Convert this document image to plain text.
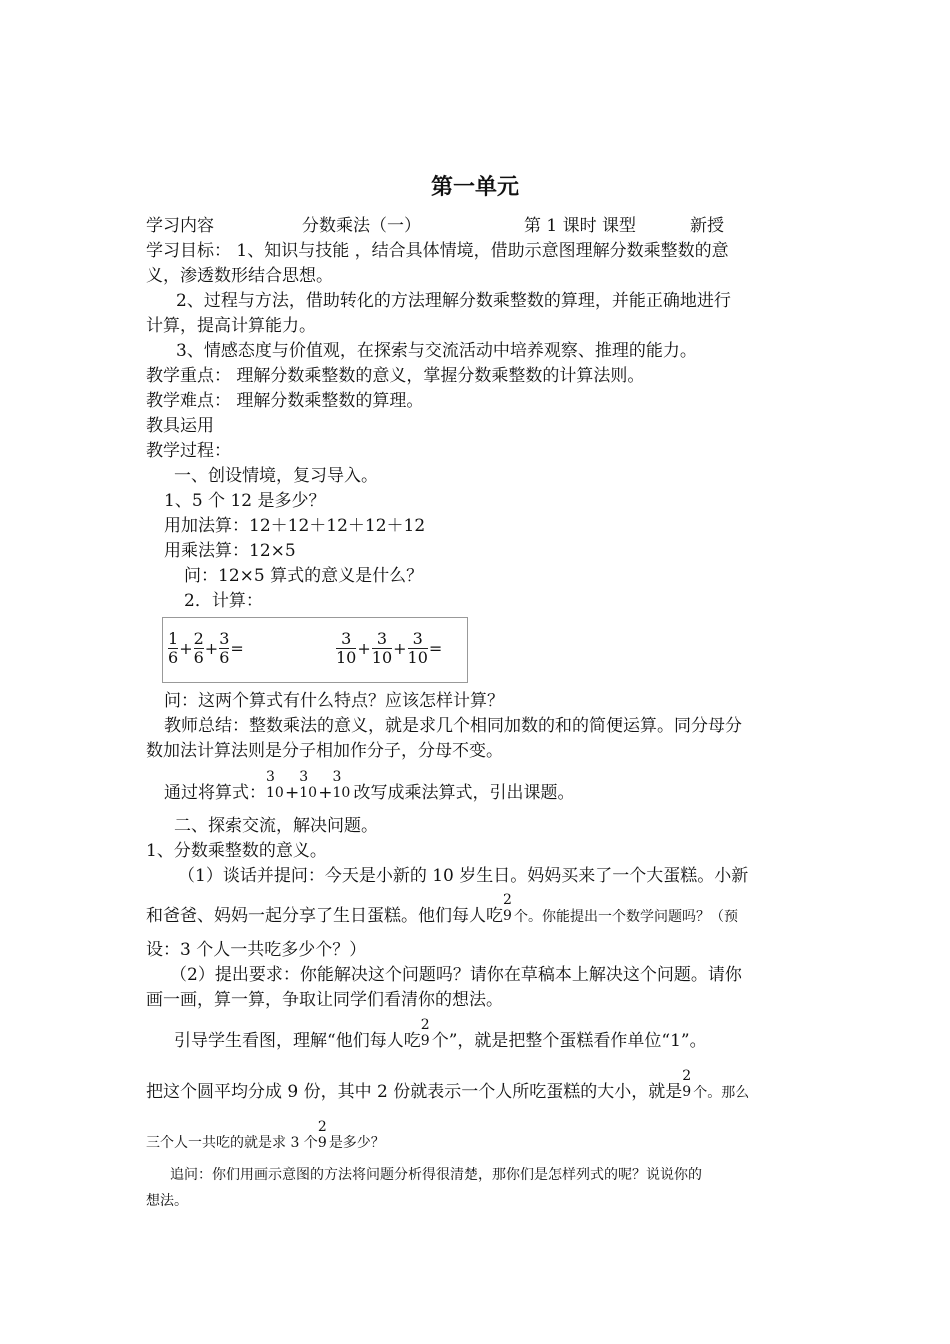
第一单元
学习内容	分数乘法（一）	第 1 课时 课型	新授
学习目标： 1、知识与技能 ，结合具体情境，借助示意图理解分数乘整数的意
义，渗透数形结合思想。
2、过程与方法，借助转化的方法理解分数乘整数的算理，并能正确地进行
计算，提高计算能力。
3、情感态度与价值观，在探索与交流活动中培养观察、推理的能力。
教学重点： 理解分数乘整数的意义，掌握分数乘整数的计算法则。
教学难点： 理解分数乘整数的算理。
教具运用
教学过程：
一、创设情境，复习导入。
1、5 个 12 是多少？
用加法算：12＋12＋12＋12＋12
用乘法算：12×5
问：12×5 算式的意义是什么？
2．计算：
$\frac{1}{6} + \frac{2}{6} + \frac{3}{6}$ =	$\frac{3}{10} + \frac{3}{10} + \frac{3}{10}$ =
问：这两个算式有什么特点？应该怎样计算？
教师总结：整数乘法的意义，就是求几个相同加数的和的简便运算。同分母分
数加法计算法则是分子相加作分子，分母不变。
通过将算式：
3
10 +
3
10 +
3
10 改写成乘法算式，引出课题。
二、探索交流，解决问题。
1、分数乘整数的意义。
（1）谈话并提问：今天是小新的 10 岁生日。妈妈买来了一个大蛋糕。小新
和爸爸、妈妈一起分享了生日蛋糕。他们每人吃
2
9 个。你能提出一个数学问题吗？（预
设：3 个人一共吃多少个？）
（2）提出要求：你能解决这个问题吗？请你在草稿本上解决这个问题。请你
画一画，算一算，争取让同学们看清你的想法。
引导学生看图，理解“他们每人吃
2
9 个”，就是把整个蛋糕看作单位“1”。
把这个圆平均分成 9 份，其中 2 份就表示一个人所吃蛋糕的大小，就是
2
9 个。那么
三个人一共吃的就是求 3 个
2
9 是多少？
追问：你们用画示意图的方法将问题分析得很清楚，那你们是怎样列式的呢？说说你的
想法。
